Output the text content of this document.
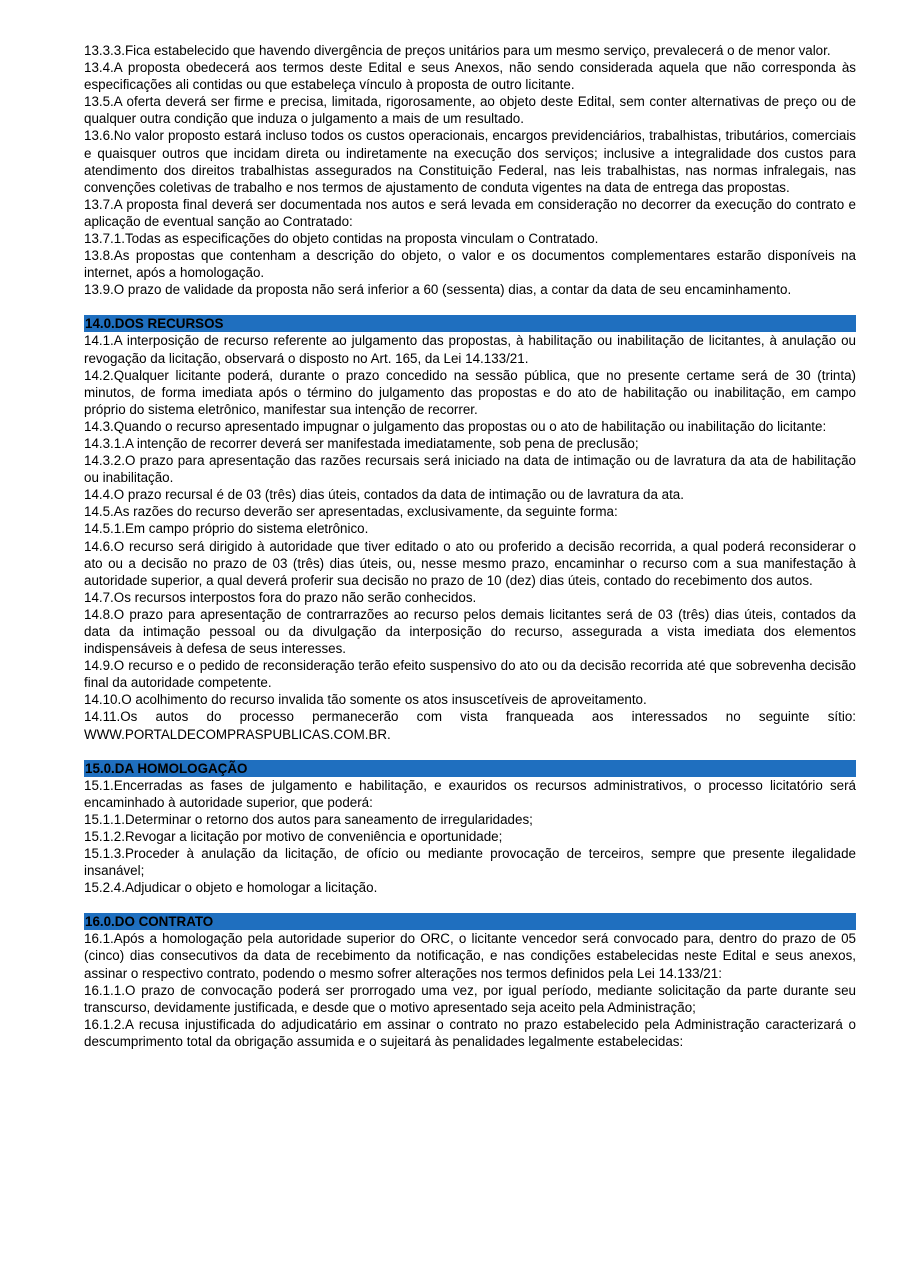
13.3.3.Fica estabelecido que havendo divergência de preços unitários para um mesmo serviço, prevalecerá o de menor valor.

13.4.A proposta obedecerá aos termos deste Edital e seus Anexos, não sendo considerada aquela que não corresponda às especificações ali contidas ou que estabeleça vínculo à proposta de outro licitante.

13.5.A oferta deverá ser firme e precisa, limitada, rigorosamente, ao objeto deste Edital, sem conter alternativas de preço ou de qualquer outra condição que induza o julgamento a mais de um resultado.

13.6.No valor proposto estará incluso todos os custos operacionais, encargos previdenciários, trabalhistas, tributários, comerciais e quaisquer outros que incidam direta ou indiretamente na execução dos serviços; inclusive a integralidade dos custos para atendimento dos direitos trabalhistas assegurados na Constituição Federal, nas leis trabalhistas, nas normas infralegais, nas convenções coletivas de trabalho e nos termos de ajustamento de conduta vigentes na data de entrega das propostas.

13.7.A proposta final deverá ser documentada nos autos e será levada em consideração no decorrer da execução do contrato e aplicação de eventual sanção ao Contratado:

13.7.1.Todas as especificações do objeto contidas na proposta vinculam o Contratado.

13.8.As propostas que contenham a descrição do objeto, o valor e os documentos complementares estarão disponíveis na internet, após a homologação.

13.9.O prazo de validade da proposta não será inferior a 60 (sessenta) dias, a contar da data de seu encaminhamento.

14.0.DOS RECURSOS

14.1.A interposição de recurso referente ao julgamento das propostas, à habilitação ou inabilitação de licitantes, à anulação ou revogação da licitação, observará o disposto no Art. 165, da Lei 14.133/21.

14.2.Qualquer licitante poderá, durante o prazo concedido na sessão pública, que no presente certame será de 30 (trinta) minutos, de forma imediata após o término do julgamento das propostas e do ato de habilitação ou inabilitação, em campo próprio do sistema eletrônico, manifestar sua intenção de recorrer.

14.3.Quando o recurso apresentado impugnar o julgamento das propostas ou o ato de habilitação ou inabilitação do licitante:

14.3.1.A intenção de recorrer deverá ser manifestada imediatamente, sob pena de preclusão;

14.3.2.O prazo para apresentação das razões recursais será iniciado na data de intimação ou de lavratura da ata de habilitação ou inabilitação.

14.4.O prazo recursal é de 03 (três) dias úteis, contados da data de intimação ou de lavratura da ata.

14.5.As razões do recurso deverão ser apresentadas, exclusivamente, da seguinte forma:

14.5.1.Em campo próprio do sistema eletrônico.

14.6.O recurso será dirigido à autoridade que tiver editado o ato ou proferido a decisão recorrida, a qual poderá reconsiderar o ato ou a decisão no prazo de 03 (três) dias úteis, ou, nesse mesmo prazo, encaminhar o recurso com a sua manifestação à autoridade superior, a qual deverá proferir sua decisão no prazo de 10 (dez) dias úteis, contado do recebimento dos autos.

14.7.Os recursos interpostos fora do prazo não serão conhecidos.

14.8.O prazo para apresentação de contrarrazões ao recurso pelos demais licitantes será de 03 (três) dias úteis, contados da data da intimação pessoal ou da divulgação da interposição do recurso, assegurada a vista imediata dos elementos indispensáveis à defesa de seus interesses.

14.9.O recurso e o pedido de reconsideração terão efeito suspensivo do ato ou da decisão recorrida até que sobrevenha decisão final da autoridade competente.

14.10.O acolhimento do recurso invalida tão somente os atos insuscetíveis de aproveitamento.

14.11.Os autos do processo permanecerão com vista franqueada aos interessados no seguinte sítio: WWW.PORTALDECOMPRASPUBLICAS.COM.BR.

15.0.DA HOMOLOGAÇÃO

15.1.Encerradas as fases de julgamento e habilitação, e exauridos os recursos administrativos, o processo licitatório será encaminhado à autoridade superior, que poderá:

15.1.1.Determinar o retorno dos autos para saneamento de irregularidades;

15.1.2.Revogar a licitação por motivo de conveniência e oportunidade;

15.1.3.Proceder à anulação da licitação, de ofício ou mediante provocação de terceiros, sempre que presente ilegalidade insanável;

15.2.4.Adjudicar o objeto e homologar a licitação.

16.0.DO CONTRATO

16.1.Após a homologação pela autoridade superior do ORC, o licitante vencedor será convocado para, dentro do prazo de 05 (cinco) dias consecutivos da data de recebimento da notificação, e nas condições estabelecidas neste Edital e seus anexos, assinar o respectivo contrato, podendo o mesmo sofrer alterações nos termos definidos pela Lei 14.133/21:

16.1.1.O prazo de convocação poderá ser prorrogado uma vez, por igual período, mediante solicitação da parte durante seu transcurso, devidamente justificada, e desde que o motivo apresentado seja aceito pela Administração;

16.1.2.A recusa injustificada do adjudicatário em assinar o contrato no prazo estabelecido pela Administração caracterizará o descumprimento total da obrigação assumida e o sujeitará às penalidades legalmente estabelecidas:
